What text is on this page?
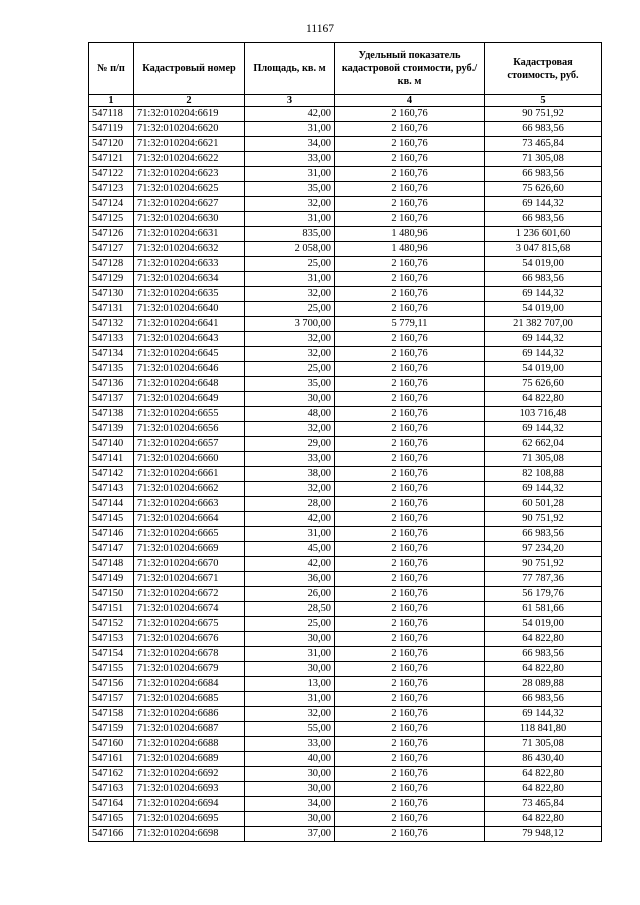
11167
№ п/п	Кадастровый номер	Площадь, кв. м	Удельный показатель кадастровой стоимости, руб./кв. м	Кадастровая стоимость, руб.
1	2	3	4	5
547118	71:32:010204:6619	42,00	2 160,76	90 751,92
547119	71:32:010204:6620	31,00	2 160,76	66 983,56
547120	71:32:010204:6621	34,00	2 160,76	73 465,84
547121	71:32:010204:6622	33,00	2 160,76	71 305,08
547122	71:32:010204:6623	31,00	2 160,76	66 983,56
547123	71:32:010204:6625	35,00	2 160,76	75 626,60
547124	71:32:010204:6627	32,00	2 160,76	69 144,32
547125	71:32:010204:6630	31,00	2 160,76	66 983,56
547126	71:32:010204:6631	835,00	1 480,96	1 236 601,60
547127	71:32:010204:6632	2 058,00	1 480,96	3 047 815,68
547128	71:32:010204:6633	25,00	2 160,76	54 019,00
547129	71:32:010204:6634	31,00	2 160,76	66 983,56
547130	71:32:010204:6635	32,00	2 160,76	69 144,32
547131	71:32:010204:6640	25,00	2 160,76	54 019,00
547132	71:32:010204:6641	3 700,00	5 779,11	21 382 707,00
547133	71:32:010204:6643	32,00	2 160,76	69 144,32
547134	71:32:010204:6645	32,00	2 160,76	69 144,32
547135	71:32:010204:6646	25,00	2 160,76	54 019,00
547136	71:32:010204:6648	35,00	2 160,76	75 626,60
547137	71:32:010204:6649	30,00	2 160,76	64 822,80
547138	71:32:010204:6655	48,00	2 160,76	103 716,48
547139	71:32:010204:6656	32,00	2 160,76	69 144,32
547140	71:32:010204:6657	29,00	2 160,76	62 662,04
547141	71:32:010204:6660	33,00	2 160,76	71 305,08
547142	71:32:010204:6661	38,00	2 160,76	82 108,88
547143	71:32:010204:6662	32,00	2 160,76	69 144,32
547144	71:32:010204:6663	28,00	2 160,76	60 501,28
547145	71:32:010204:6664	42,00	2 160,76	90 751,92
547146	71:32:010204:6665	31,00	2 160,76	66 983,56
547147	71:32:010204:6669	45,00	2 160,76	97 234,20
547148	71:32:010204:6670	42,00	2 160,76	90 751,92
547149	71:32:010204:6671	36,00	2 160,76	77 787,36
547150	71:32:010204:6672	26,00	2 160,76	56 179,76
547151	71:32:010204:6674	28,50	2 160,76	61 581,66
547152	71:32:010204:6675	25,00	2 160,76	54 019,00
547153	71:32:010204:6676	30,00	2 160,76	64 822,80
547154	71:32:010204:6678	31,00	2 160,76	66 983,56
547155	71:32:010204:6679	30,00	2 160,76	64 822,80
547156	71:32:010204:6684	13,00	2 160,76	28 089,88
547157	71:32:010204:6685	31,00	2 160,76	66 983,56
547158	71:32:010204:6686	32,00	2 160,76	69 144,32
547159	71:32:010204:6687	55,00	2 160,76	118 841,80
547160	71:32:010204:6688	33,00	2 160,76	71 305,08
547161	71:32:010204:6689	40,00	2 160,76	86 430,40
547162	71:32:010204:6692	30,00	2 160,76	64 822,80
547163	71:32:010204:6693	30,00	2 160,76	64 822,80
547164	71:32:010204:6694	34,00	2 160,76	73 465,84
547165	71:32:010204:6695	30,00	2 160,76	64 822,80
547166	71:32:010204:6698	37,00	2 160,76	79 948,12
